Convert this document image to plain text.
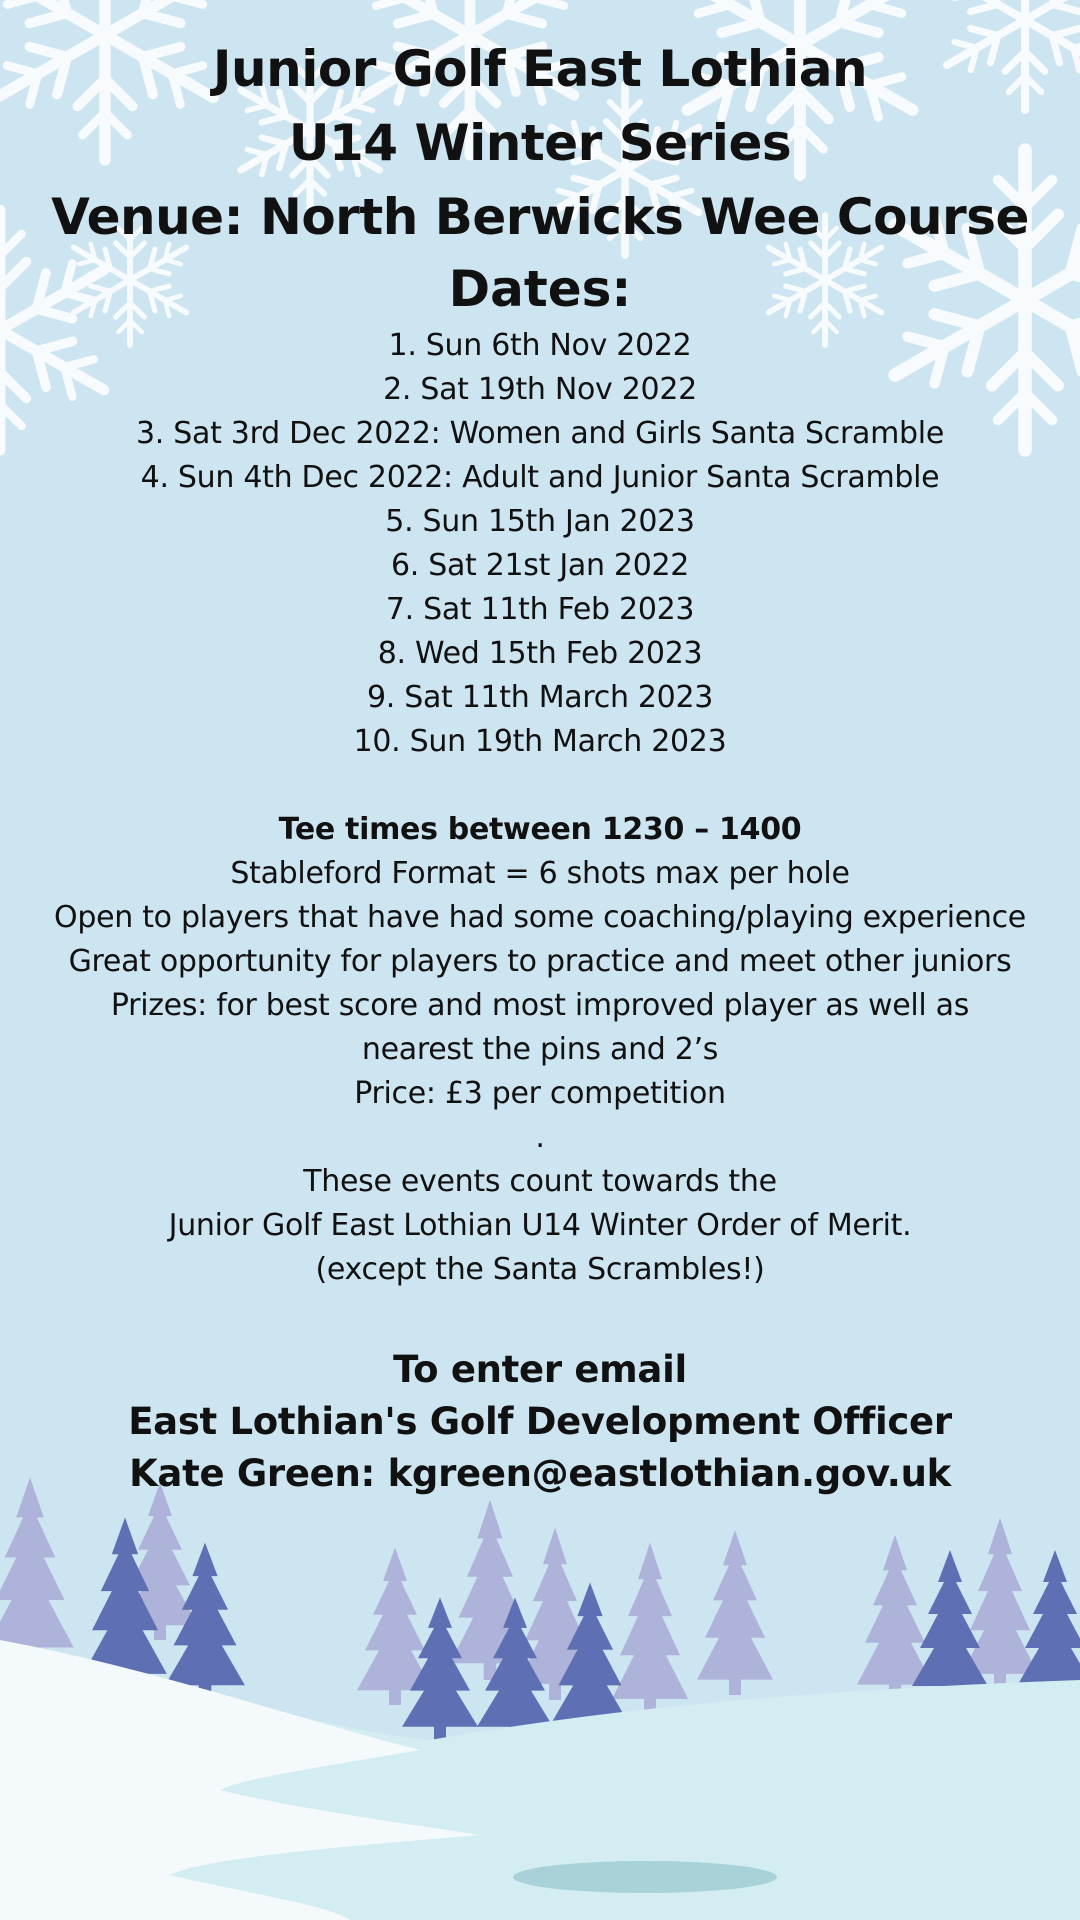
Junior Golf East Lothian
U14 Winter Series
Venue: North Berwicks Wee Course
Dates:
1. Sun 6th Nov 2022
2. Sat 19th Nov 2022
3. Sat 3rd Dec 2022: Women and Girls Santa Scramble
4. Sun 4th Dec 2022: Adult and Junior Santa Scramble
5. Sun 15th Jan 2023
6. Sat 21st Jan 2022
7. Sat 11th Feb 2023
8. Wed 15th Feb 2023
9. Sat 11th March 2023
10. Sun 19th March 2023
Tee times between 1230 – 1400
Stableford Format = 6 shots max per hole
Open to players that have had some coaching/playing experience
Great opportunity for players to practice and meet other juniors
Prizes: for best score and most improved player as well as
nearest the pins and 2’s
Price: £3 per competition
.
These events count towards the
Junior Golf East Lothian U14 Winter Order of Merit.
(except the Santa Scrambles!)
To enter email
East Lothian's Golf Development Officer
Kate Green: kgreen@eastlothian.gov.uk
